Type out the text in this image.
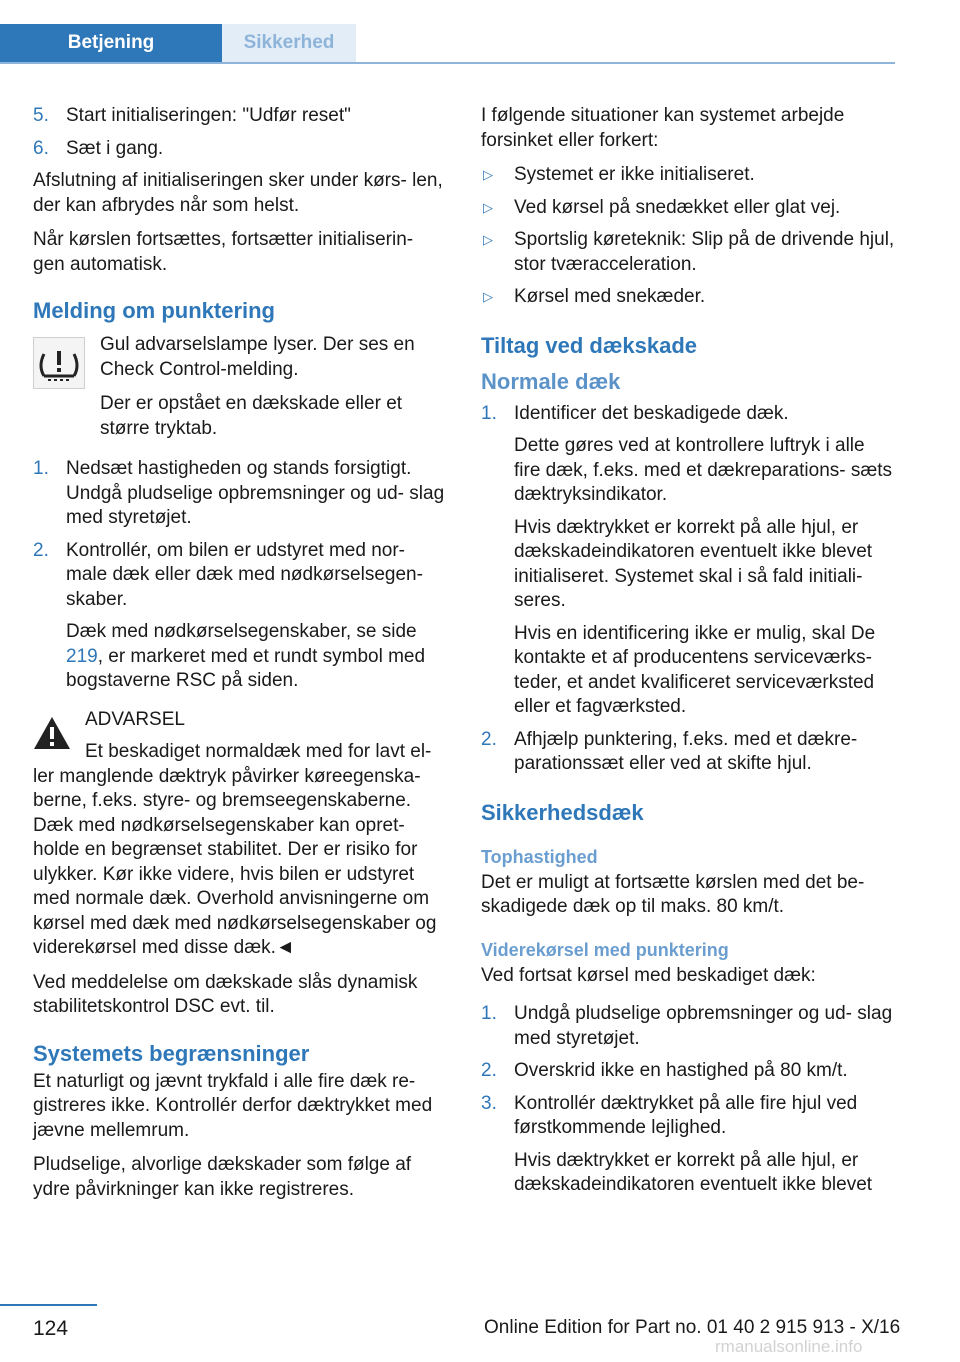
Betjening	Sikkerhed
5. Start initialiseringen: "Udfør reset"
6. Sæt i gang.

Afslutning af initialiseringen sker under kørs- len, der kan afbrydes når som helst.

Når kørslen fortsættes, fortsætter initialiserin- gen automatisk.

Melding om punktering

Gul advarselslampe lyser. Der ses en Check Control-melding.

Der er opstået en dækskade eller et større tryktab.

1. Nedsæt hastigheden og stands forsigtigt. Undgå pludselige opbremsninger og ud- slag med styretøjet.
2. Kontrollér, om bilen er udstyret med nor- male dæk eller dæk med nødkørselsegen- skaber.

Dæk med nødkørselsegenskaber, se side 219, er markeret med et rundt symbol med bogstaverne RSC på siden.

ADVARSEL
Et beskadiget normaldæk med for lavt el- ler manglende dæktryk påvirker køreegenska- berne, f.eks. styre- og bremseegenskaberne. Dæk med nødkørselsegenskaber kan opret- holde en begrænset stabilitet. Der er risiko for ulykker. Kør ikke videre, hvis bilen er udstyret med normale dæk. Overhold anvisningerne om kørsel med dæk med nødkørselsegenskaber og viderekørsel med disse dæk.◄

Ved meddelelse om dækskade slås dynamisk stabilitetskontrol DSC evt. til.

Systemets begrænsninger

Et naturligt og jævnt trykfald i alle fire dæk re- gistreres ikke. Kontrollér derfor dæktrykket med jævne mellemrum.

Pludselige, alvorlige dækskader som følge af ydre påvirkninger kan ikke registreres.

I følgende situationer kan systemet arbejde forsinket eller forkert:

▷ Systemet er ikke initialiseret.
▷ Ved kørsel på snedækket eller glat vej.
▷ Sportslig køreteknik: Slip på de drivende hjul, stor tværacceleration.
▷ Kørsel med snekæder.
Tiltag ved dækskade
Normale dæk
1. Identificer det beskadigede dæk.

Dette gøres ved at kontrollere luftryk i alle fire dæk, f.eks. med et dækreparations- sæts dæktryksindikator.

Hvis dæktrykket er korrekt på alle hjul, er dækskadeindikatoren eventuelt ikke blevet initialiseret. Systemet skal i så fald initiali- seres.

Hvis en identificering ikke er mulig, skal De kontakte et af producentens serviceværks- teder, et andet kvalificeret serviceværksted eller et fagværksted.

2. Afhjælp punktering, f.eks. med et dækre- parationssæt eller ved at skifte hjul.
Sikkerhedsdæk
Tophastighed

Det er muligt at fortsætte kørslen med det be- skadigede dæk op til maks. 80 km/t.

Viderekørsel med punktering

Ved fortsat kørsel med beskadiget dæk:

1. Undgå pludselige opbremsninger og ud- slag med styretøjet.
2. Overskrid ikke en hastighed på 80 km/t.
3. Kontrollér dæktrykket på alle fire hjul ved førstkommende lejlighed.

Hvis dæktrykket er korrekt på alle hjul, er dækskadeindikatoren eventuelt ikke blevet

124	Online Edition for Part no. 01 40 2 915 913 - X/16
rmanualsonline.info
